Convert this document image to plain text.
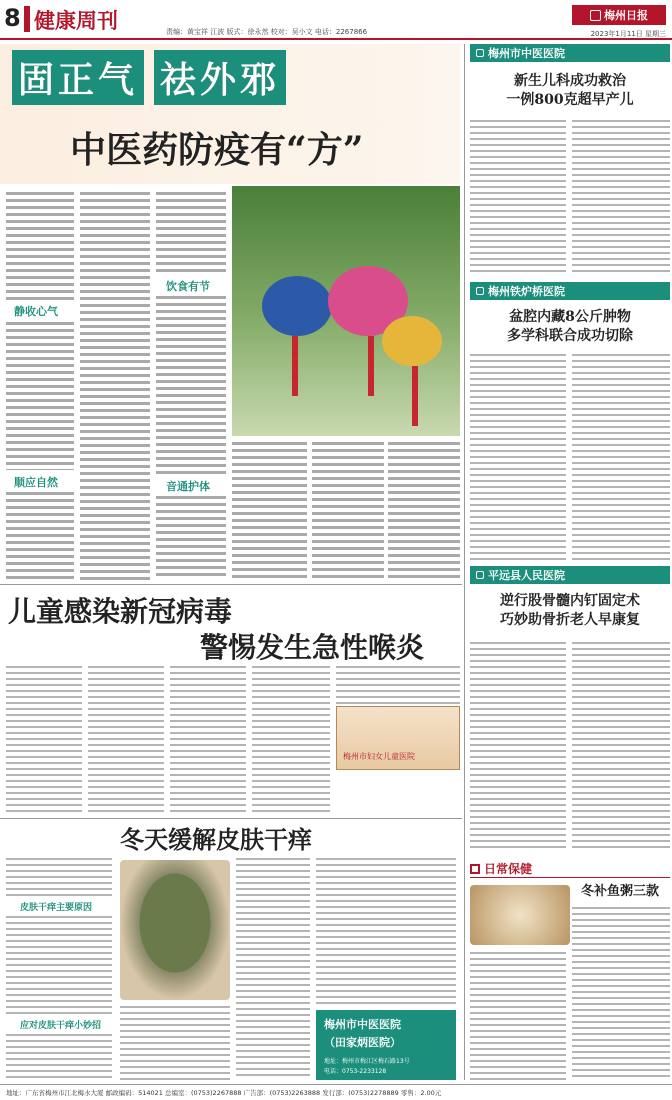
8 健康周刊	责编：黄宝祥 江波 版式：徐永然 校对：吴小文 电话：2267866
梅州日报
2023年1月11日 星期三
固正气 祛外邪
中医药防疫有“方”
静收心气
顺应自然
饮食有节
音通护体
梅州市中医医院
新生儿科成功救治
一例800克超早产儿
梅州铁炉桥医院
盆腔内藏8公斤肿物
多学科联合成功切除
平远县人民医院
逆行股骨髓内钉固定术
巧妙助骨折老人早康复
日常保健
冬补鱼粥三款
儿童感染新冠病毒
警惕发生急性喉炎
梅州市妇女儿童医院
冬天缓解皮肤干痒
皮肤干痒主要原因
应对皮肤干痒小妙招	梅州市中医医院
（田家炳医院）
地址：梅州市梅江区梅石路13号
电话：0753-2233128
地址：广东省梅州市江北梅水大厦 邮政编码：514021 总编室：(0753)2267888 广告部：(0753)2263888 发行部：(0753)2278889 零售：2.00元
